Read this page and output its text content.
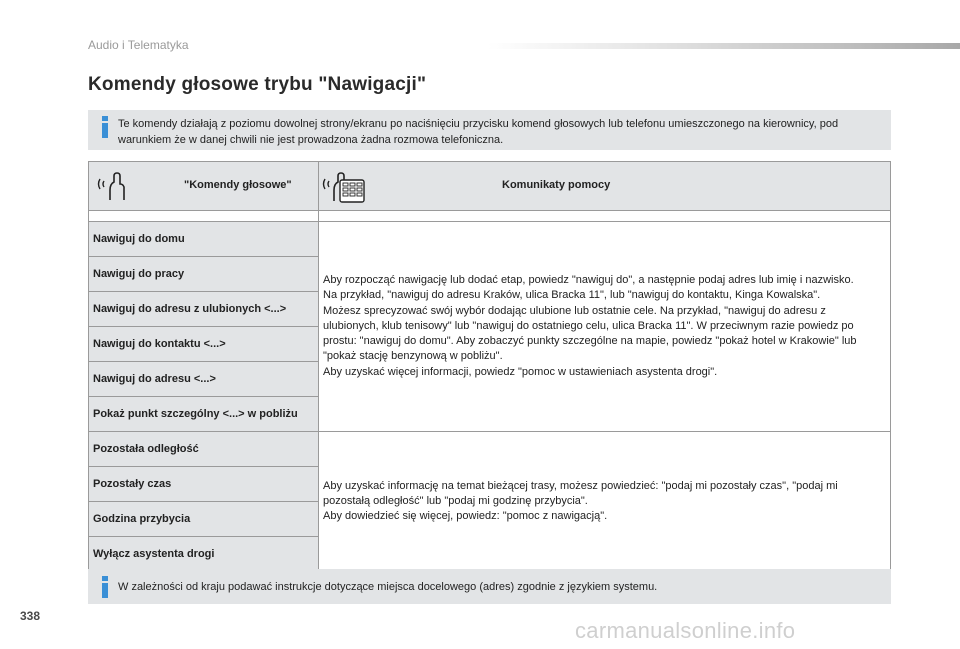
Audio i Telematyka
Komendy głosowe trybu "Nawigacji"
Te komendy działają z poziomu dowolnej strony/ekranu po naciśnięciu przycisku komend głosowych lub telefonu umieszczonego na kierownicy, pod warunkiem że w danej chwili nie jest prowadzona żadna rozmowa telefoniczna.
"Komendy głosowe"	Komunikaty pomocy

Nawiguj do domu	Aby rozpocząć nawigację lub dodać etap, powiedz "nawiguj do", a następnie podaj adres lub imię i nazwisko.
Na przykład, "nawiguj do adresu Kraków, ulica Bracka 11", lub "nawiguj do kontaktu, Kinga Kowalska".
Możesz sprecyzować swój wybór dodając ulubione lub ostatnie cele. Na przykład, "nawiguj do adresu z ulubionych, klub tenisowy" lub "nawiguj do ostatniego celu, ulica Bracka 11". W przeciwnym razie powiedz po prostu: "nawiguj do domu". Aby zobaczyć punkty szczególne na mapie, powiedz "pokaż hotel w Krakowie" lub "pokaż stację benzynową w pobliżu".
Aby uzyskać więcej informacji, powiedz "pomoc w ustawieniach asystenta drogi".

Nawiguj do pracy	
Nawiguj do adresu z ulubionych <...>	
Nawiguj do kontaktu <...>	
Nawiguj do adresu <...>	
Pokaż punkt szczególny <...> w pobliżu	
Pozostała odległość	Aby uzyskać informację na temat bieżącej trasy, możesz powiedzieć: "podaj mi pozostały czas", "podaj mi pozostałą odległość" lub "podaj mi godzinę przybycia".
Aby dowiedzieć się więcej, powiedz: "pomoc z nawigacją".

Pozostały czas	
Godzina przybycia	
Wyłącz asystenta drogi	
W zależności od kraju podawać instrukcje dotyczące miejsca docelowego (adres) zgodnie z językiem systemu.
338
carmanualsonline.info
